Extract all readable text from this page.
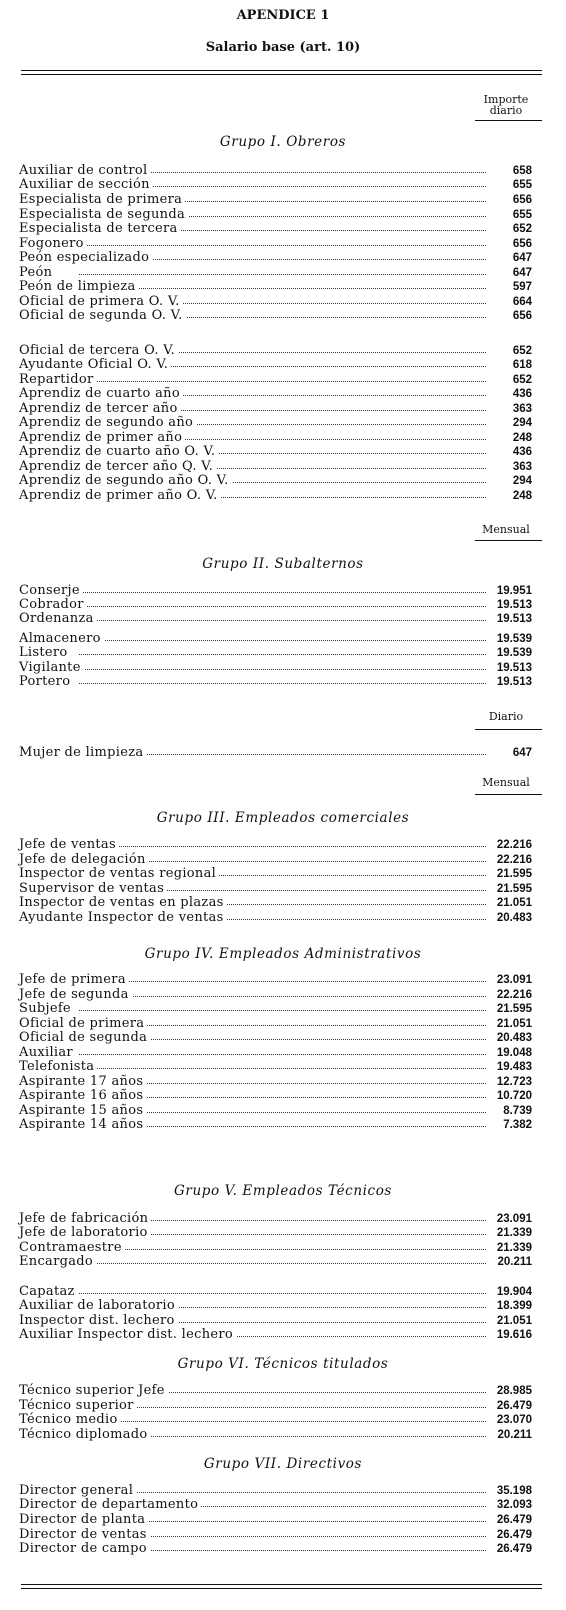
APENDICE 1
Salario base (art. 10)
Importe
diario
Grupo I. Obreros
Mensual
Grupo II. Subalternos
Diario
Mensual
Grupo III. Empleados comerciales
Grupo IV. Empleados Administrativos
Grupo V. Empleados Técnicos
Grupo VI. Técnicos titulados
Grupo VII. Directivos
Auxiliar de control	658
Auxiliar de sección	655
Especialista de primera	656
Especialista de segunda	655
Especialista de tercera	652
Fogonero	656
Peón especializado	647
Peón	647
Peón de limpieza	597
Oficial de primera O. V.	664
Oficial de segunda O. V.	656
Oficial de tercera O. V.	652
Ayudante Oficial O. V.	618
Repartidor	652
Aprendiz de cuarto año	436
Aprendiz de tercer año	363
Aprendiz de segundo año	294
Aprendiz de primer año	248
Aprendiz de cuarto año O. V.	436
Aprendiz de tercer año Q. V.	363
Aprendiz de segundo año O. V.	294
Aprendiz de primer año O. V.	248
Conserje	19.951
Cobrador	19.513
Ordenanza	19.513
Almacenero	19.539
Listero	19.539
Vigilante	19.513
Portero	19.513
Mujer de limpieza	647
Jefe de ventas	22.216
Jefe de delegación	22.216
Inspector de ventas regional	21.595
Supervisor de ventas	21.595
Inspector de ventas en plazas	21.051
Ayudante Inspector de ventas	20.483
Jefe de primera	23.091
Jefe de segunda	22.216
Subjefe	21.595
Oficial de primera	21.051
Oficial de segunda	20.483
Auxiliar	19.048
Telefonista	19.483
Aspirante 17 años	12.723
Aspirante 16 años	10.720
Aspirante 15 años	8.739
Aspirante 14 años	7.382
Jefe de fabricación	23.091
Jefe de laboratorio	21.339
Contramaestre	21.339
Encargado	20.211
Capataz	19.904
Auxiliar de laboratorio	18.399
Inspector dist. lechero	21.051
Auxiliar Inspector dist. lechero	19.616
Técnico superior Jefe	28.985
Técnico superior	26.479
Técnico medio	23.070
Técnico diplomado	20.211
Director general	35.198
Director de departamento	32.093
Director de planta	26.479
Director de ventas	26.479
Director de campo	26.479
